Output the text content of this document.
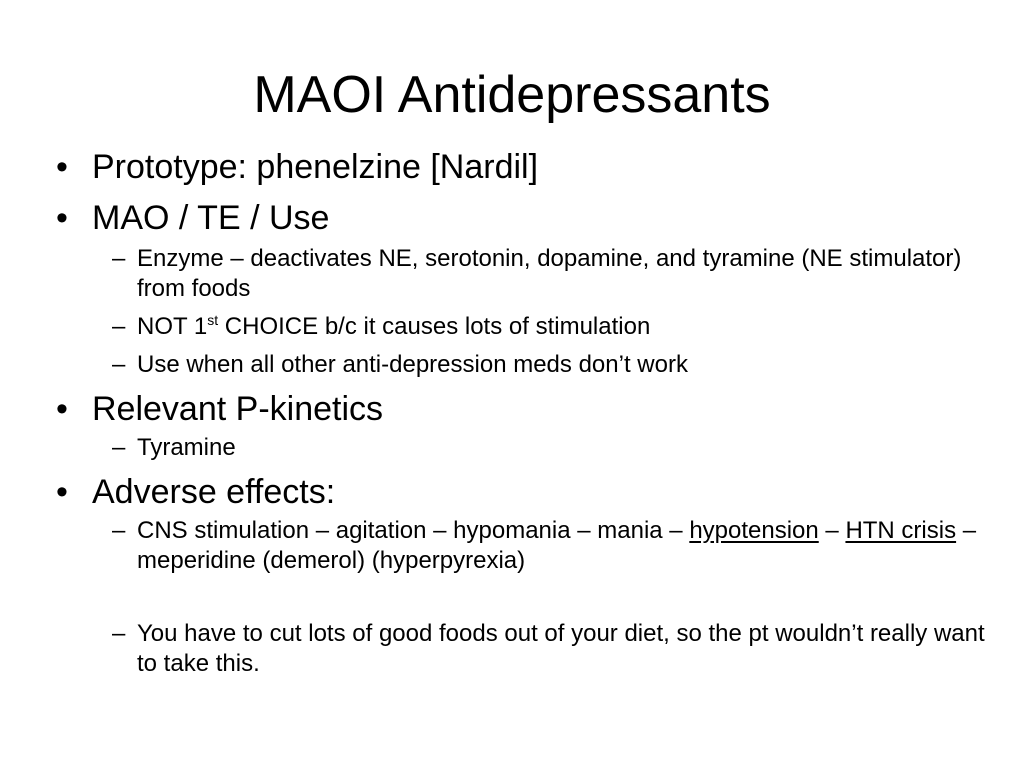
MAOI Antidepressants
• Prototype: phenelzine [Nardil]
• MAO / TE / Use
– Enzyme – deactivates NE, serotonin, dopamine, and tyramine (NE stimulator) from foods
– NOT 1st CHOICE b/c it causes lots of stimulation
– Use when all other anti-depression meds don’t work
• Relevant P-kinetics
– Tyramine
• Adverse effects:
– CNS stimulation – agitation – hypomania – mania – hypotension – HTN crisis – meperidine (demerol) (hyperpyrexia)
– You have to cut lots of good foods out of your diet, so the pt wouldn’t really want to take this.
